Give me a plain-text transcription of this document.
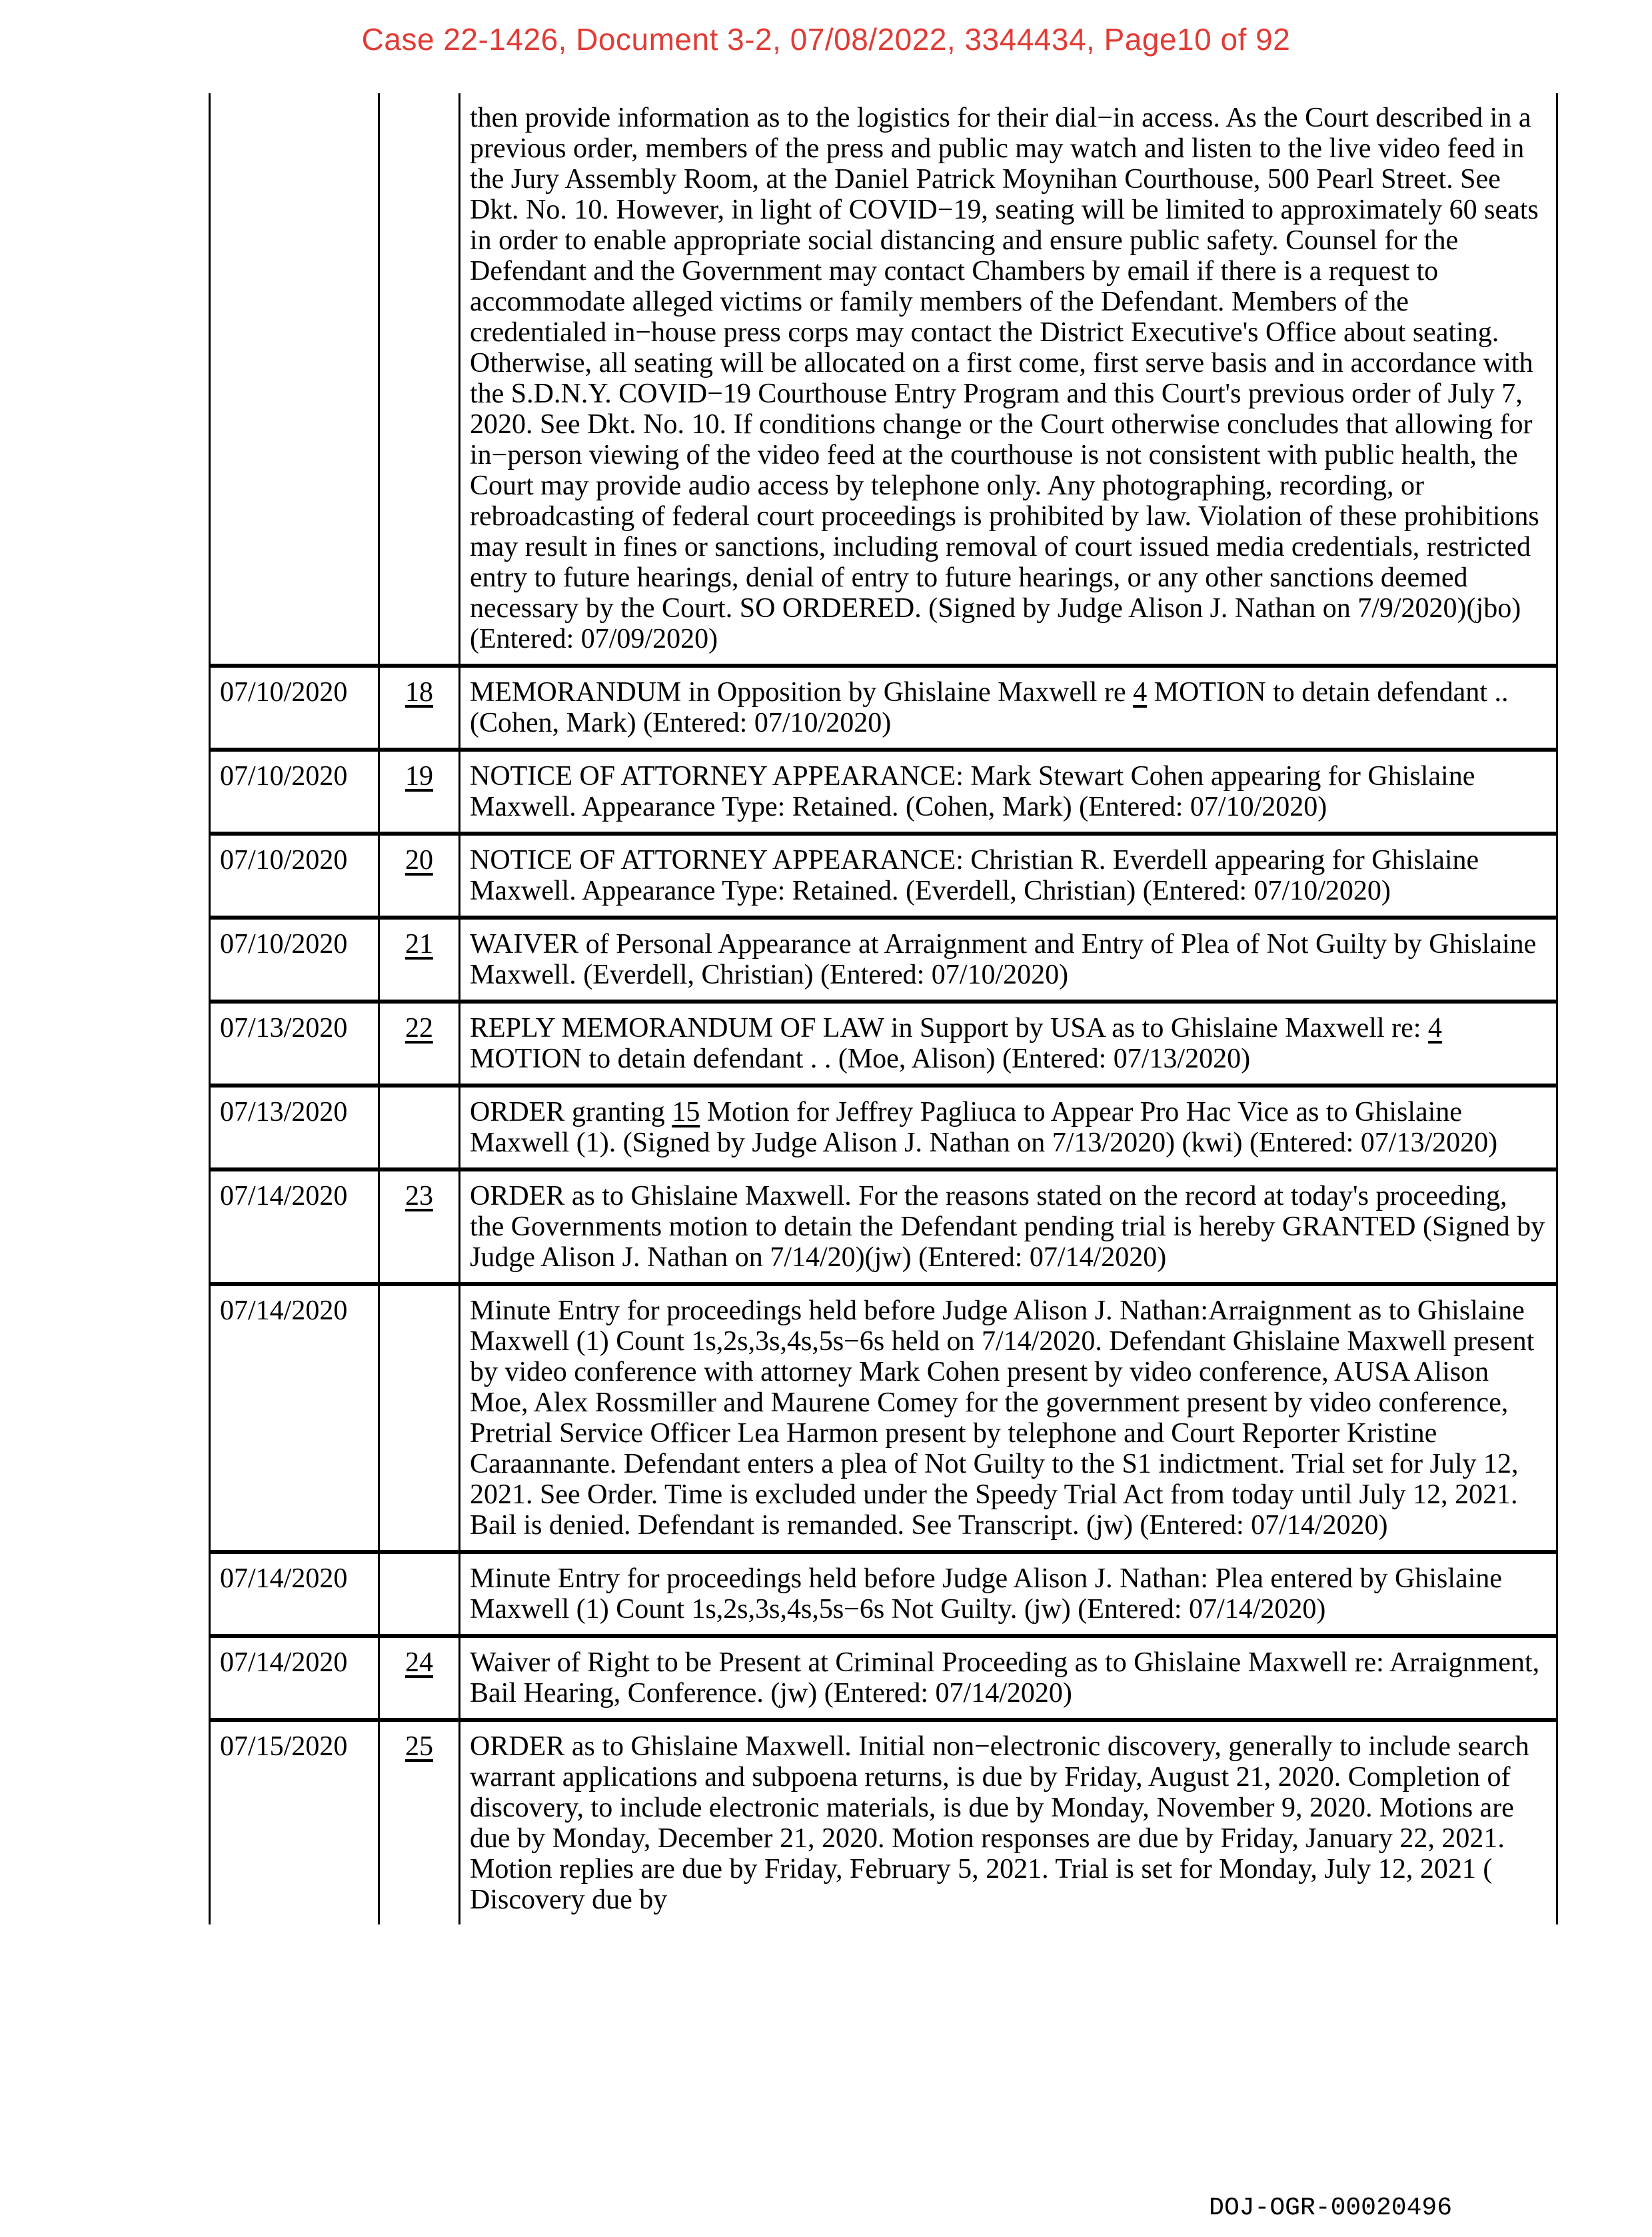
Case 22-1426, Document 3-2, 07/08/2022, 3344434, Page10 of 92
		then provide information as to the logistics for their dial−in access. As the Court described in a previous order, members of the press and public may watch and listen to the live video feed in the Jury Assembly Room, at the Daniel Patrick Moynihan Courthouse, 500 Pearl Street. See Dkt. No. 10. However, in light of COVID−19, seating will be limited to approximately 60 seats in order to enable appropriate social distancing and ensure public safety. Counsel for the Defendant and the Government may contact Chambers by email if there is a request to accommodate alleged victims or family members of the Defendant. Members of the credentialed in−house press corps may contact the District Executive's Office about seating. Otherwise, all seating will be allocated on a first come, first serve basis and in accordance with the S.D.N.Y. COVID−19 Courthouse Entry Program and this Court's previous order of July 7, 2020. See Dkt. No. 10. If conditions change or the Court otherwise concludes that allowing for in−person viewing of the video feed at the courthouse is not consistent with public health, the Court may provide audio access by telephone only. Any photographing, recording, or rebroadcasting of federal court proceedings is prohibited by law. Violation of these prohibitions may result in fines or sanctions, including removal of court issued media credentials, restricted entry to future hearings, denial of entry to future hearings, or any other sanctions deemed necessary by the Court. SO ORDERED. (Signed by Judge Alison J. Nathan on 7/9/2020)(jbo) (Entered: 07/09/2020)
07/10/2020	18	MEMORANDUM in Opposition by Ghislaine Maxwell re 4 MOTION to detain defendant .. (Cohen, Mark) (Entered: 07/10/2020)
07/10/2020	19	NOTICE OF ATTORNEY APPEARANCE: Mark Stewart Cohen appearing for Ghislaine Maxwell. Appearance Type: Retained. (Cohen, Mark) (Entered: 07/10/2020)
07/10/2020	20	NOTICE OF ATTORNEY APPEARANCE: Christian R. Everdell appearing for Ghislaine Maxwell. Appearance Type: Retained. (Everdell, Christian) (Entered: 07/10/2020)
07/10/2020	21	WAIVER of Personal Appearance at Arraignment and Entry of Plea of Not Guilty by Ghislaine Maxwell. (Everdell, Christian) (Entered: 07/10/2020)
07/13/2020	22	REPLY MEMORANDUM OF LAW in Support by USA as to Ghislaine Maxwell re: 4 MOTION to detain defendant . . (Moe, Alison) (Entered: 07/13/2020)
07/13/2020		ORDER granting 15 Motion for Jeffrey Pagliuca to Appear Pro Hac Vice as to Ghislaine Maxwell (1). (Signed by Judge Alison J. Nathan on 7/13/2020) (kwi) (Entered: 07/13/2020)
07/14/2020	23	ORDER as to Ghislaine Maxwell. For the reasons stated on the record at today's proceeding, the Governments motion to detain the Defendant pending trial is hereby GRANTED (Signed by Judge Alison J. Nathan on 7/14/20)(jw) (Entered: 07/14/2020)
07/14/2020		Minute Entry for proceedings held before Judge Alison J. Nathan:Arraignment as to Ghislaine Maxwell (1) Count 1s,2s,3s,4s,5s−6s held on 7/14/2020. Defendant Ghislaine Maxwell present by video conference with attorney Mark Cohen present by video conference, AUSA Alison Moe, Alex Rossmiller and Maurene Comey for the government present by video conference, Pretrial Service Officer Lea Harmon present by telephone and Court Reporter Kristine Caraannante. Defendant enters a plea of Not Guilty to the S1 indictment. Trial set for July 12, 2021. See Order. Time is excluded under the Speedy Trial Act from today until July 12, 2021. Bail is denied. Defendant is remanded. See Transcript. (jw) (Entered: 07/14/2020)
07/14/2020		Minute Entry for proceedings held before Judge Alison J. Nathan: Plea entered by Ghislaine Maxwell (1) Count 1s,2s,3s,4s,5s−6s Not Guilty. (jw) (Entered: 07/14/2020)
07/14/2020	24	Waiver of Right to be Present at Criminal Proceeding as to Ghislaine Maxwell re: Arraignment, Bail Hearing, Conference. (jw) (Entered: 07/14/2020)
07/15/2020	25	ORDER as to Ghislaine Maxwell. Initial non−electronic discovery, generally to include search warrant applications and subpoena returns, is due by Friday, August 21, 2020. Completion of discovery, to include electronic materials, is due by Monday, November 9, 2020. Motions are due by Monday, December 21, 2020. Motion responses are due by Friday, January 22, 2021. Motion replies are due by Friday, February 5, 2021. Trial is set for Monday, July 12, 2021 ( Discovery due by
DOJ-OGR-00020496
